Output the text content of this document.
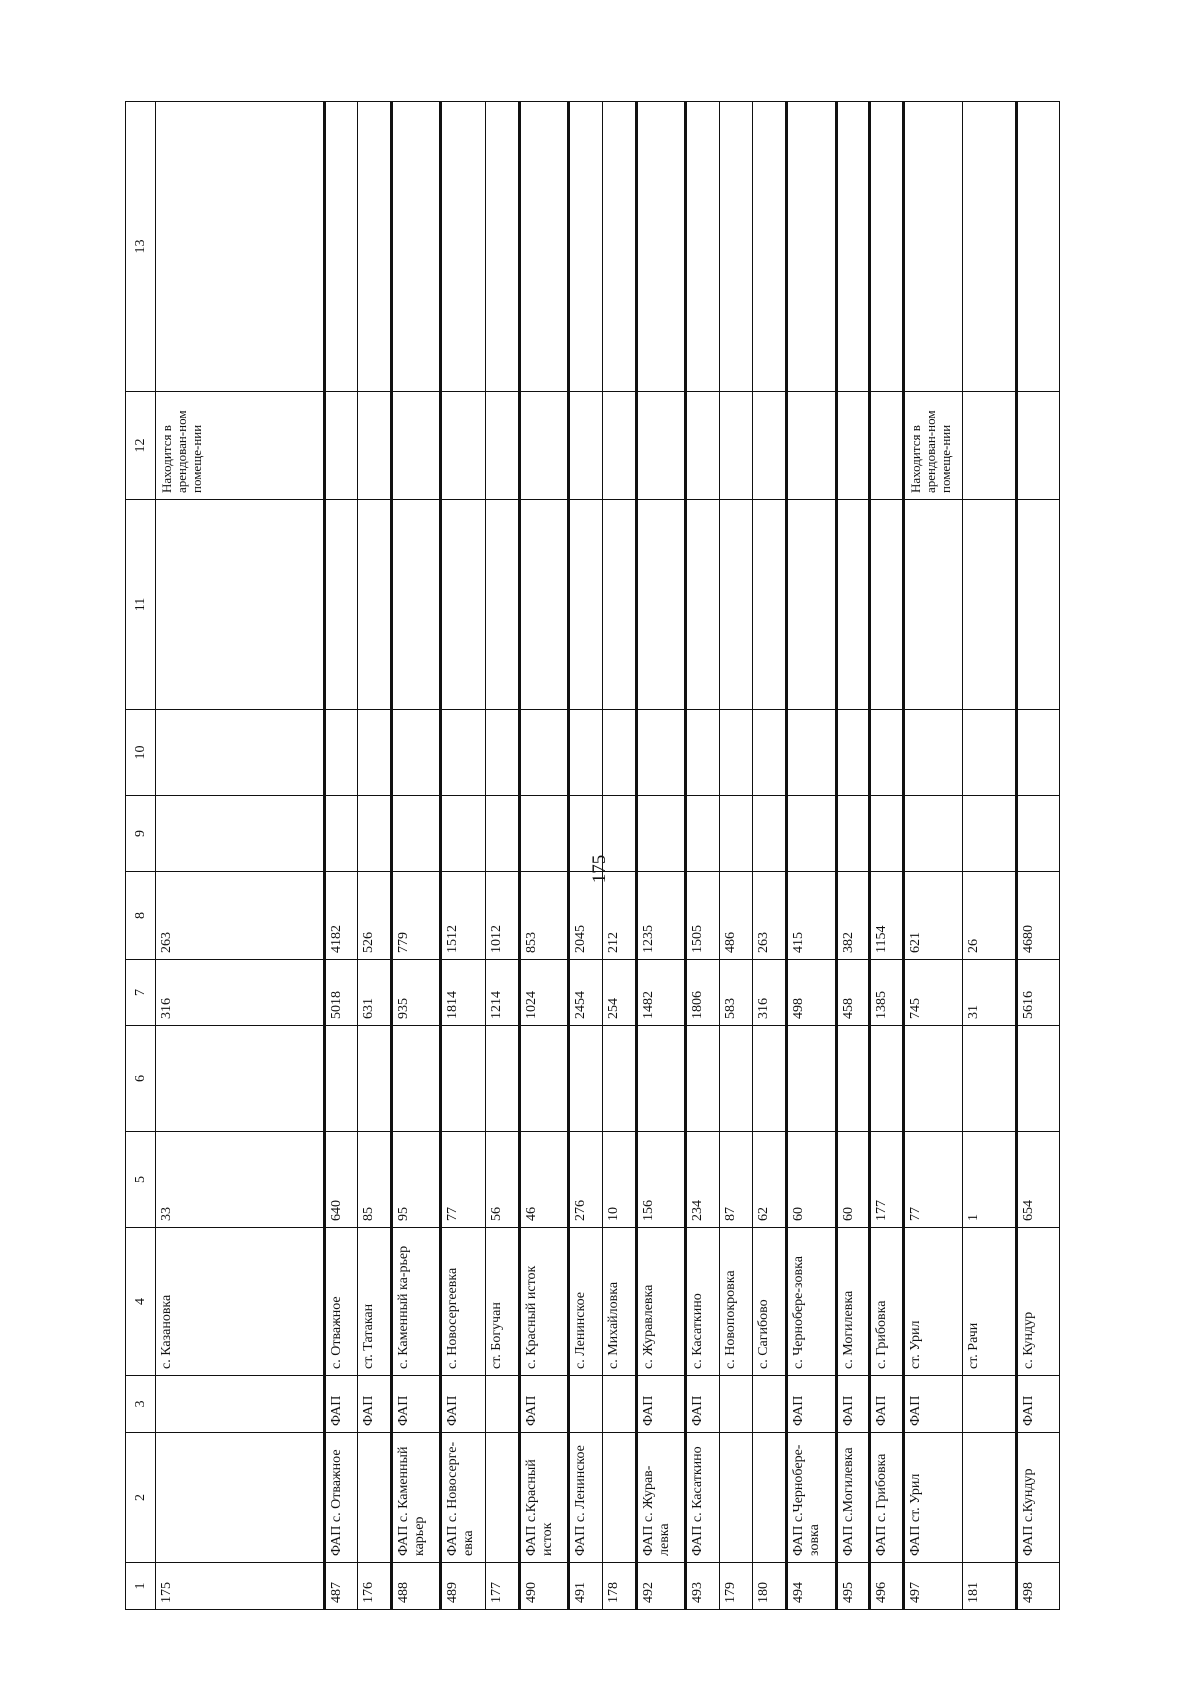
175
1	2	3	4	5	6	7	8	9	10	11	12	13
175			с. Казановка	33		316	263				Находится в арендован-ном помеще-нии	
487	ФАП с. Отважное	ФАП	с. Отважное	640		5018	4182					
176		ФАП	ст. Татакан	85		631	526					
488	ФАП с. Каменный карьер	ФАП	с. Каменный ка-рьер	95		935	779					
489	ФАП с. Новосерге-евка	ФАП	с. Новосергеевка	77		1814	1512					
177			ст. Богучан	56		1214	1012					
490	ФАП с.Красный исток	ФАП	с. Красный исток	46		1024	853					
491	ФАП с. Ленинское		с. Ленинское	276		2454	2045					
178			с. Михайловка	10		254	212					
492	ФАП с. Журав-левка	ФАП	с. Журавлевка	156		1482	1235					
493	ФАП с. Касаткино	ФАП	с. Касаткино	234		1806	1505					
179			с. Новопокровка	87		583	486					
180			с. Сагибово	62		316	263					
494	ФАП с.Чернобере-зовка	ФАП	с. Чернобере-зовка	60		498	415					
495	ФАП с.Могилевка	ФАП	с. Могилевка	60		458	382					
496	ФАП с. Грибовка	ФАП	с. Грибовка	177		1385	1154					
497	ФАП ст. Урил	ФАП	ст. Урил	77		745	621				Находится в арендован-ном помеще-нии	
181			ст. Рачи	1		31	26					
498	ФАП с.Кундур	ФАП	с. Кундур	654		5616	4680					
